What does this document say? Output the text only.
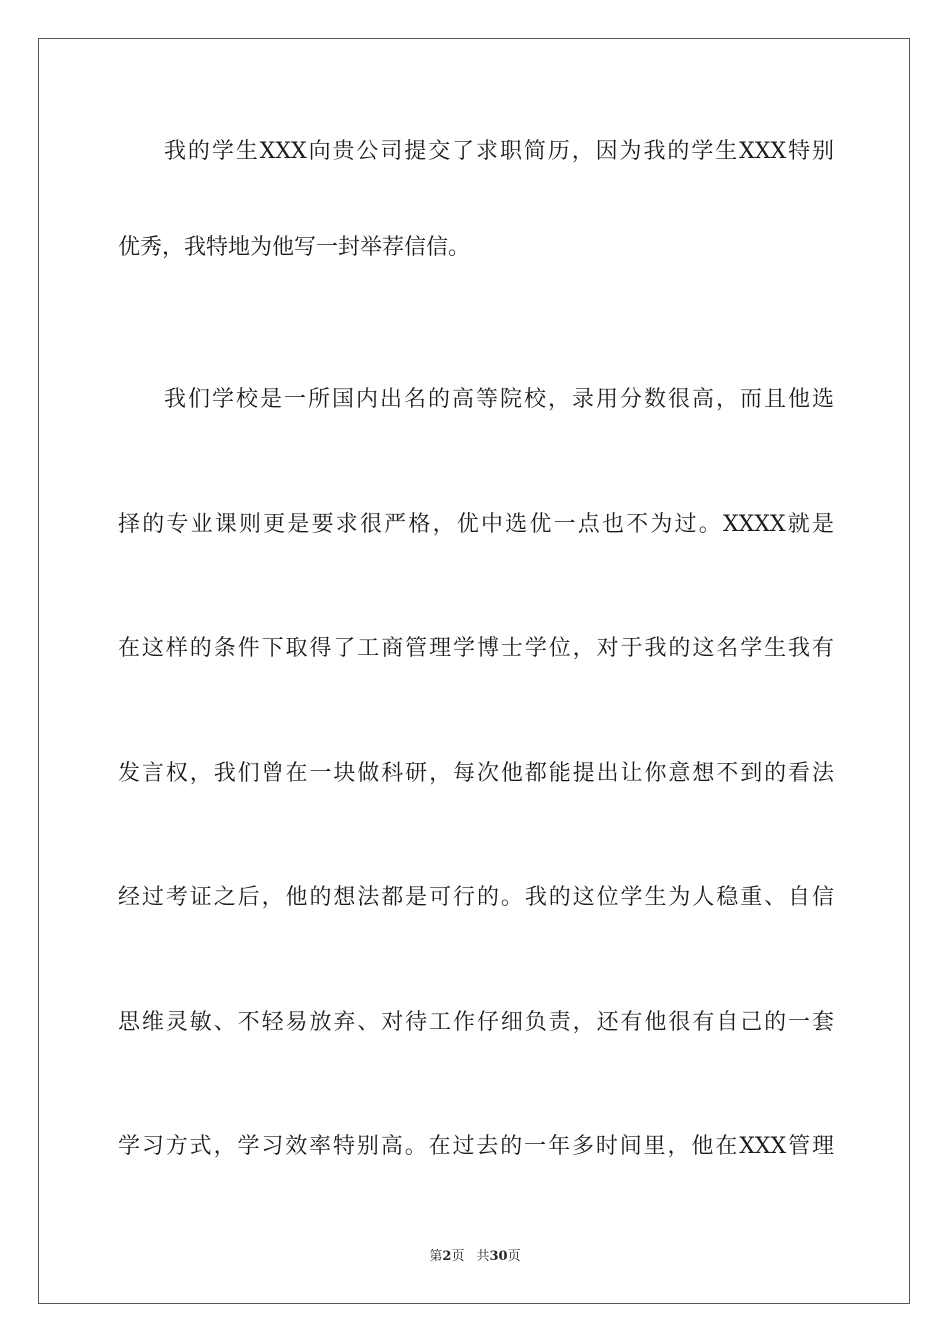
我的学生XXX向贵公司提交了求职简历，因为我的学生XXX特别
优秀，我特地为他写一封举荐信信。
我们学校是一所国内出名的高等院校，录用分数很高，而且他选
择的专业课则更是要求很严格，优中选优一点也不为过。XXXX就是
在这样的条件下取得了工商管理学博士学位，对于我的这名学生我有
发言权，我们曾在一块做科研，每次他都能提出让你意想不到的看法
经过考证之后，他的想法都是可行的。我的这位学生为人稳重、自信
思维灵敏、不轻易放弃、对待工作仔细负责，还有他很有自己的一套
学习方式，学习效率特别高。在过去的一年多时间里，他在XXX管理
第2页 共30页
